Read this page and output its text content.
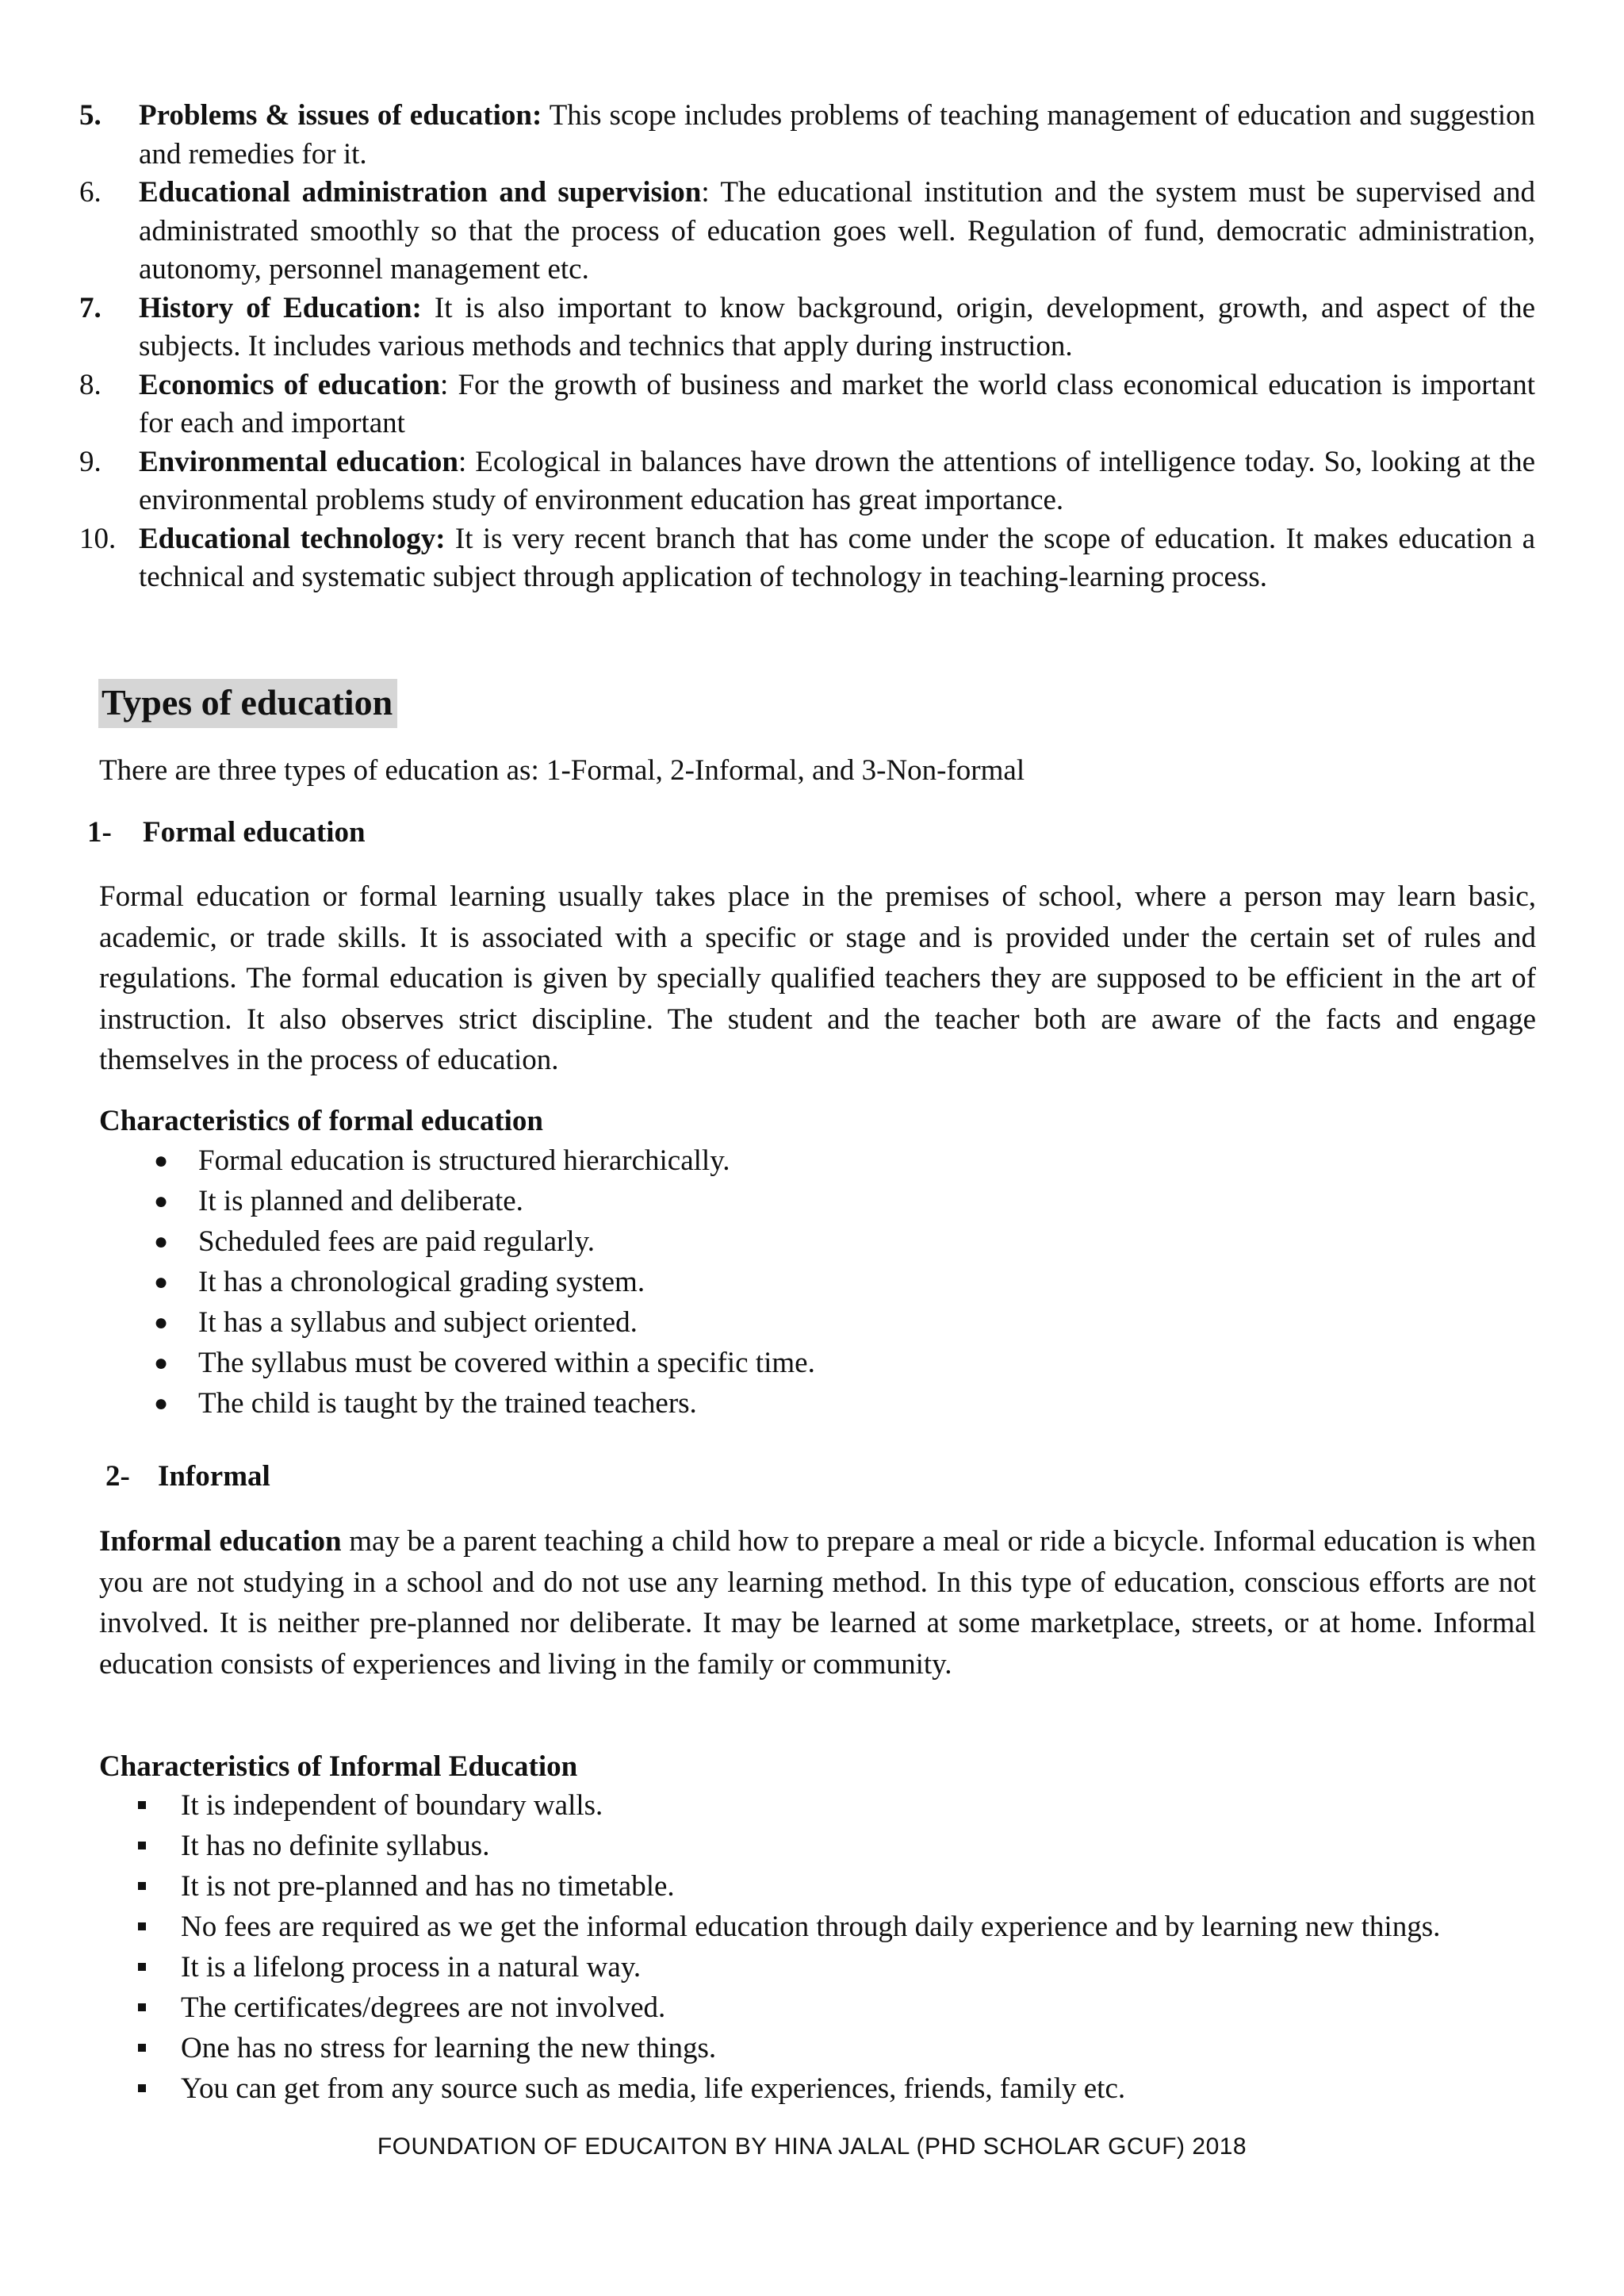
5.	Problems & issues of education: This scope includes problems of teaching management of education and suggestion and remedies for it.
6.	Educational administration and supervision: The educational institution and the system must be supervised and administrated smoothly so that the process of education goes well. Regulation of fund, democratic administration, autonomy, personnel management etc.
7.	History of Education: It is also important to know background, origin, development, growth, and aspect of the subjects. It includes various methods and technics that apply during instruction.
8.	Economics of education: For the growth of business and market the world class economical education is important for each and important
9.	Environmental education: Ecological in balances have drown the attentions of intelligence today. So, looking at the environmental problems study of environment education has great importance.
10. Educational technology: It is very recent branch that has come under the scope of education. It makes education a technical and systematic subject through application of technology in teaching-learning process.
Types of education
There are three types of education as: 1-Formal, 2-Informal, and 3-Non-formal
1- Formal education

Formal education or formal learning usually takes place in the premises of school, where a person may learn basic, academic, or trade skills. It is associated with a specific or stage and is provided under the certain set of rules and regulations. The formal education is given by specially qualified teachers they are supposed to be efficient in the art of instruction. It also observes strict discipline. The student and the teacher both are aware of the facts and engage themselves in the process of education.

Characteristics of formal education
● Formal education is structured hierarchically.
● It is planned and deliberate.
● Scheduled fees are paid regularly.
● It has a chronological grading system.
● It has a syllabus and subject oriented.
● The syllabus must be covered within a specific time.
● The child is taught by the trained teachers.
2- Informal

Informal education may be a parent teaching a child how to prepare a meal or ride a bicycle. Informal education is when you are not studying in a school and do not use any learning method. In this type of education, conscious efforts are not involved. It is neither pre-planned nor deliberate. It may be learned at some marketplace, streets, or at home. Informal education consists of experiences and living in the family or community.

Characteristics of Informal Education
It is independent of boundary walls.
It has no definite syllabus.
It is not pre-planned and has no timetable.
No fees are required as we get the informal education through daily experience and by learning new things.
It is a lifelong process in a natural way.
The certificates/degrees are not involved.
One has no stress for learning the new things.
You can get from any source such as media, life experiences, friends, family etc.
FOUNDATION OF EDUCAITON BY HINA JALAL (PHD SCHOLAR GCUF) 2018
